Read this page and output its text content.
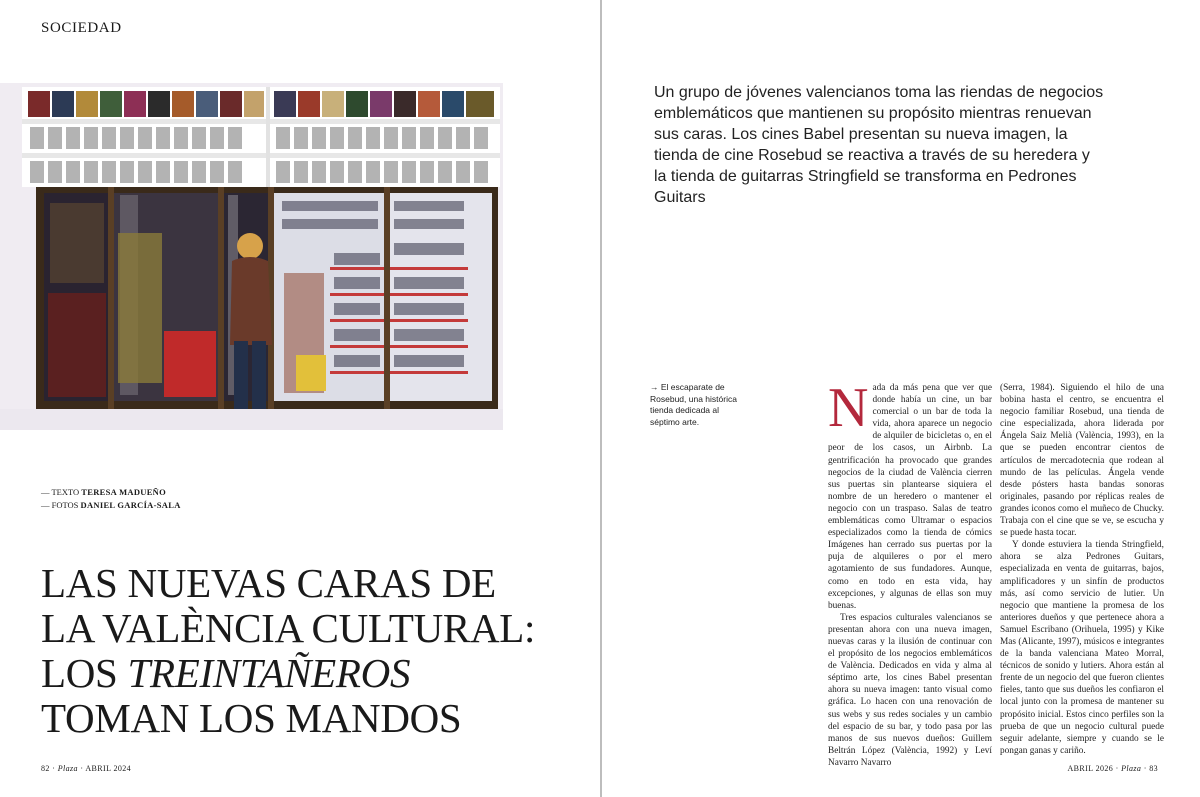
SOCIEDAD
— TEXTO TERESA MADUEÑO
— FOTOS DANIEL GARCÍA-SALA
LAS NUEVAS CARAS DE
LA VALÈNCIA CULTURAL:
LOS TREINTAÑEROS
TOMAN LOS MANDOS
82 · Plaza · ABRIL 2024

Un grupo de jóvenes valencianos toma las riendas de negocios emblemáticos que mantienen su propósito mientras renuevan sus caras. Los cines Babel presentan su nueva imagen, la tienda de cine Rosebud se reactiva a través de su heredera y la tienda de guitarras Stringfield se transforma en Pedrones Guitars

→ El escaparate de Rosebud, una histórica tienda dedicada al séptimo arte.	Nada da más pena que ver que donde había un cine, un bar comercial o un bar de toda la vida, ahora aparece un negocio de alquiler de bicicletas o, en el peor de los casos, un Airbnb. La gentrificación ha provocado que grandes negocios de la ciudad de València cierren sus puertas sin plantearse siquiera el nombre de un heredero o mantener el negocio con un traspaso. Salas de teatro emblemáticas como Ultramar o espacios especializados como la tienda de cómics Imágenes han cerrado sus puertas por la puja de alquileres o por el mero agotamiento de sus fundadores. Aunque, como en todo en esta vida, hay excepciones, y algunas de ellas son muy buenas.

Tres espacios culturales valencianos se presentan ahora con una nueva imagen, nuevas caras y la ilusión de continuar con el propósito de los negocios emblemáticos de València. Dedicados en vida y alma al séptimo arte, los cines Babel presentan ahora su nueva imagen: tanto visual como gráfica. Lo hacen con una renovación de sus webs y sus redes sociales y un cambio del espacio de su bar, y todo pasa por las manos de sus nuevos dueños: Guillem Beltrán López (València, 1992) y Leví Navarro Navarro

(Serra, 1984). Siguiendo el hilo de una bobina hasta el centro, se encuentra el negocio familiar Rosebud, una tienda de cine especializada, ahora liderada por Ángela Saiz Melià (València, 1993), en la que se pueden encontrar cientos de artículos de mercadotecnia que rodean al mundo de las películas. Ángela vende desde pósters hasta bandas sonoras originales, pasando por réplicas reales de grandes iconos como el muñeco de Chucky. Trabaja con el cine que se ve, se escucha y se puede hasta tocar.

Y donde estuviera la tienda Stringfield, ahora se alza Pedrones Guitars, especializada en venta de guitarras, bajos, amplificadores y un sinfín de productos más, así como servicio de lutier. Un negocio que mantiene la promesa de los anteriores dueños y que pertenece ahora a Samuel Escribano (Orihuela, 1995) y Kike Mas (Alicante, 1997), músicos e integrantes de la banda valenciana Mateo Morral, técnicos de sonido y lutiers. Ahora están al frente de un negocio del que fueron clientes fieles, tanto que sus dueños les confiaron el local junto con la promesa de mantener su propósito inicial. Estos cinco perfiles son la prueba de que un negocio cultural puede seguir adelante, siempre y cuando se le pongan ganas y cariño.

ABRIL 2026 · Plaza · 83
